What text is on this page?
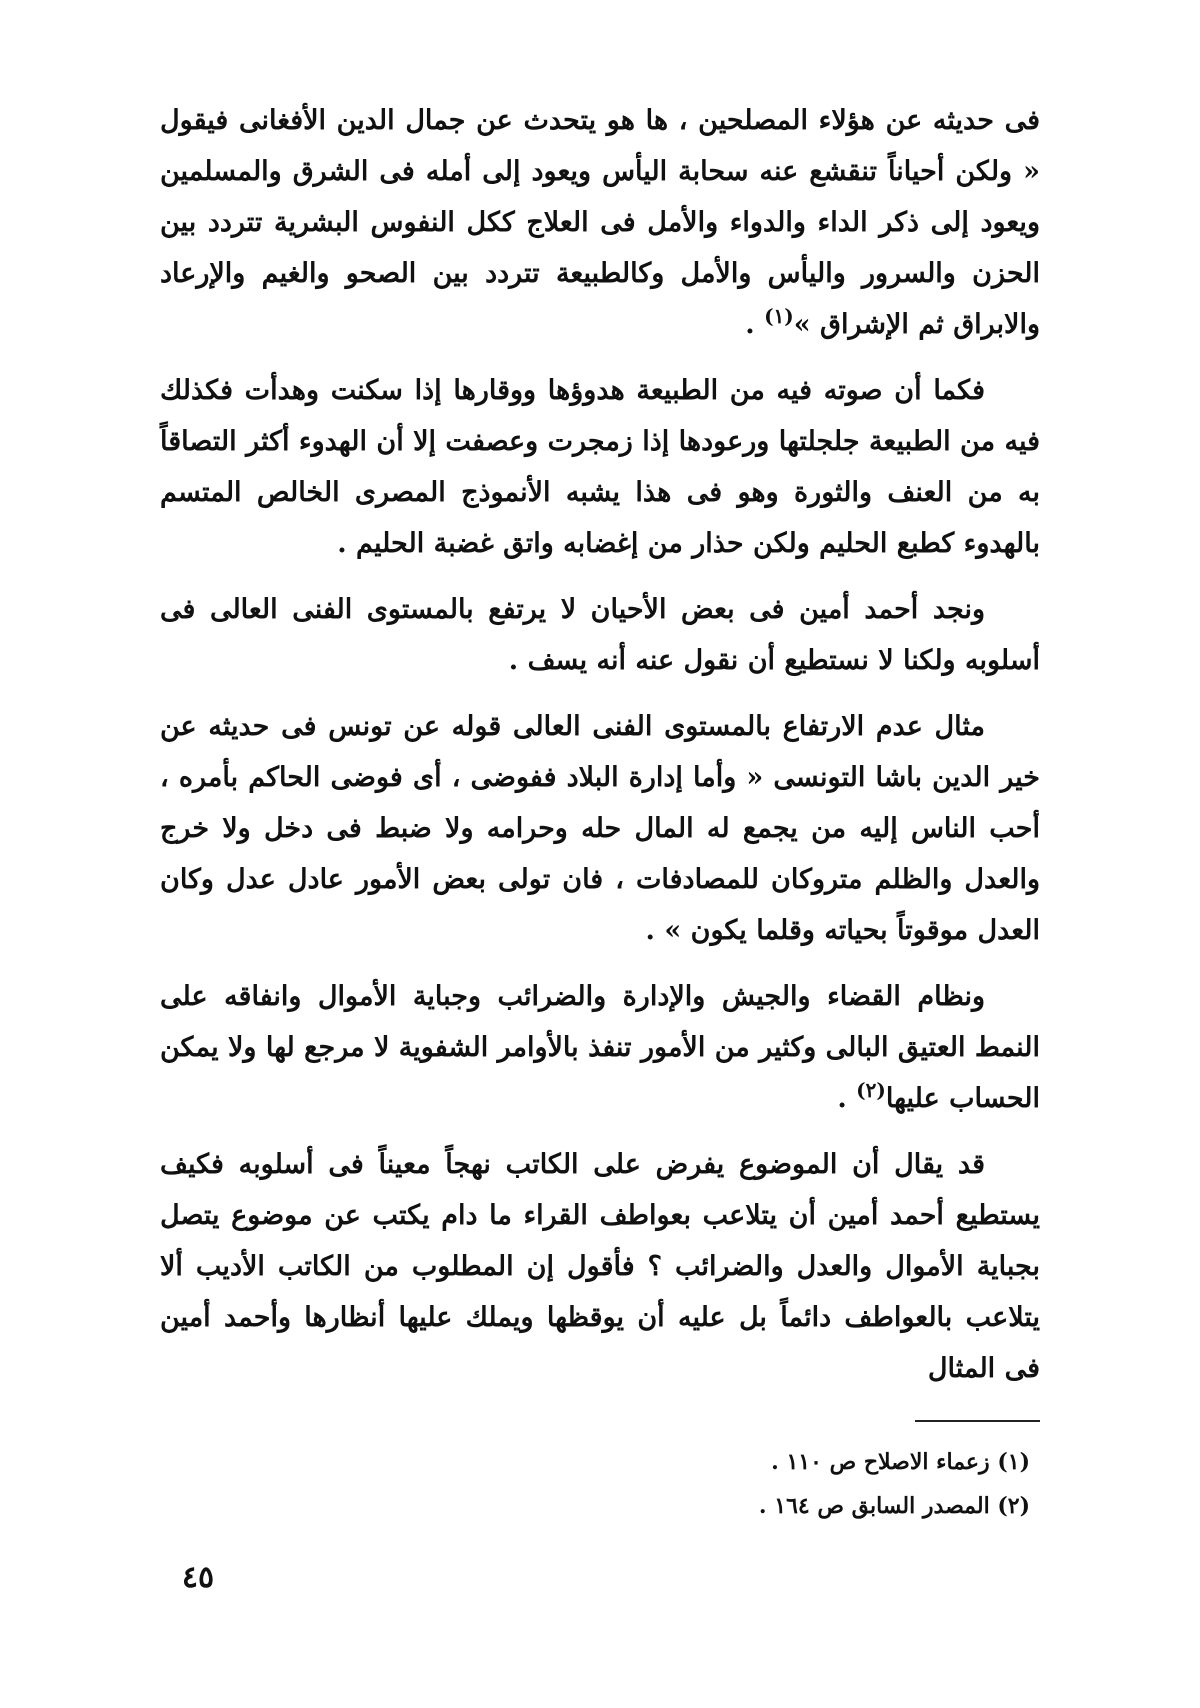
فى حديثه عن هؤلاء المصلحين ، ها هو يتحدث عن جمال الدين الأفغانى فيقول « ولكن أحياناً تنقشع عنه سحابة اليأس ويعود إلى أمله فى الشرق والمسلمين ويعود إلى ذكر الداء والدواء والأمل فى العلاج ككل النفوس البشرية تتردد بين الحزن والسرور واليأس والأمل وكالطبيعة تتردد بين الصحو والغيم والإرعاد والابراق ثم الإشراق »$^{(١)}$ .

فكما أن صوته فيه من الطبيعة هدوؤها ووقارها إذا سكنت وهدأت فكذلك فيه من الطبيعة جلجلتها ورعودها إذا زمجرت وعصفت إلا أن الهدوء أكثر التصاقاً به من العنف والثورة وهو فى هذا يشبه الأنموذج المصرى الخالص المتسم بالهدوء كطبع الحليم ولكن حذار من إغضابه واتق غضبة الحليم .

ونجد أحمد أمين فى بعض الأحيان لا يرتفع بالمستوى الفنى العالى فى أسلوبه ولكنا لا نستطيع أن نقول عنه أنه يسف .

مثال عدم الارتفاع بالمستوى الفنى العالى قوله عن تونس فى حديثه عن خير الدين باشا التونسى « وأما إدارة البلاد ففوضى ، أى فوضى الحاكم بأمره ، أحب الناس إليه من يجمع له المال حله وحرامه ولا ضبط فى دخل ولا خرج والعدل والظلم متروكان للمصادفات ، فان تولى بعض الأمور عادل عدل وكان العدل موقوتاً بحياته وقلما يكون » .

ونظام القضاء والجيش والإدارة والضرائب وجباية الأموال وانفاقه على النمط العتيق البالى وكثير من الأمور تنفذ بالأوامر الشفوية لا مرجع لها ولا يمكن الحساب عليها$^{(٢)}$ .

قد يقال أن الموضوع يفرض على الكاتب نهجاً معيناً فى أسلوبه فكيف يستطيع أحمد أمين أن يتلاعب بعواطف القراء ما دام يكتب عن موضوع يتصل بجباية الأموال والعدل والضرائب ؟ فأقول إن المطلوب من الكاتب الأديب ألا يتلاعب بالعواطف دائماً بل عليه أن يوقظها ويملك عليها أنظارها وأحمد أمين فى المثال

(١) زعماء الاصلاح ص ١١٠ .

(٢) المصدر السابق ص ١٦٤ .

٤٥
